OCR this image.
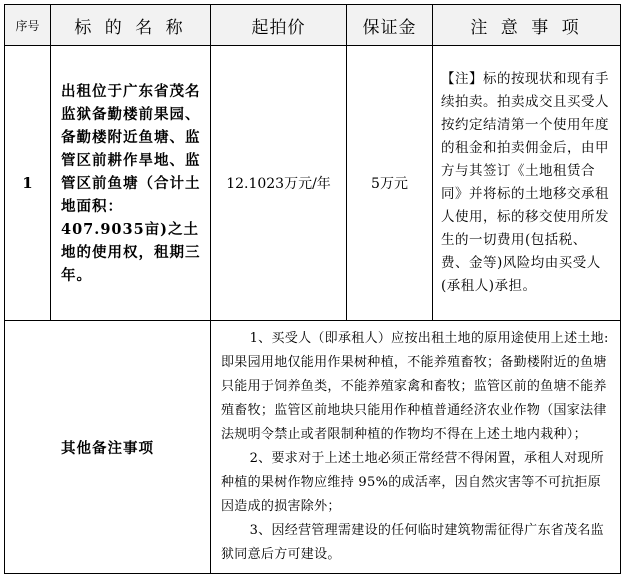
序号	标 的 名 称	起拍价	保证金	注 意 事 项
1	出租位于广东省茂名监狱备勤楼前果园、备勤楼附近鱼塘、监管区前耕作旱地、监管区前鱼塘（合计土地面积：407.9035亩)之土地的使用权，租期三年。	12.1023万元/年	5万元	【注】标的按现状和现有手续拍卖。拍卖成交且买受人按约定结清第一个使用年度的租金和拍卖佣金后，由甲方与其签订《土地租赁合同》并将标的土地移交承租人使用，标的移交使用所发生的一切费用(包括税、费、金等)风险均由买受人(承租人)承担。
其他备注事项		1、买受人（即承租人）应按出租土地的原用途使用上述土地:即果园用地仅能用作果树种植，不能养殖畜牧；备勤楼附近的鱼塘只能用于饲养鱼类，不能养殖家禽和畜牧；监管区前的鱼塘不能养殖畜牧；监管区前地块只能用作种植普通经济农业作物（国家法律法规明令禁止或者限制种植的作物均不得在上述土地内栽种）；

2、要求对于上述土地必须正常经营不得闲置，承租人对现所种植的果树作物应维持 95%的成活率，因自然灾害等不可抗拒原因造成的损害除外；

3、因经营管理需建设的任何临时建筑物需征得广东省茂名监狱同意后方可建设。		
